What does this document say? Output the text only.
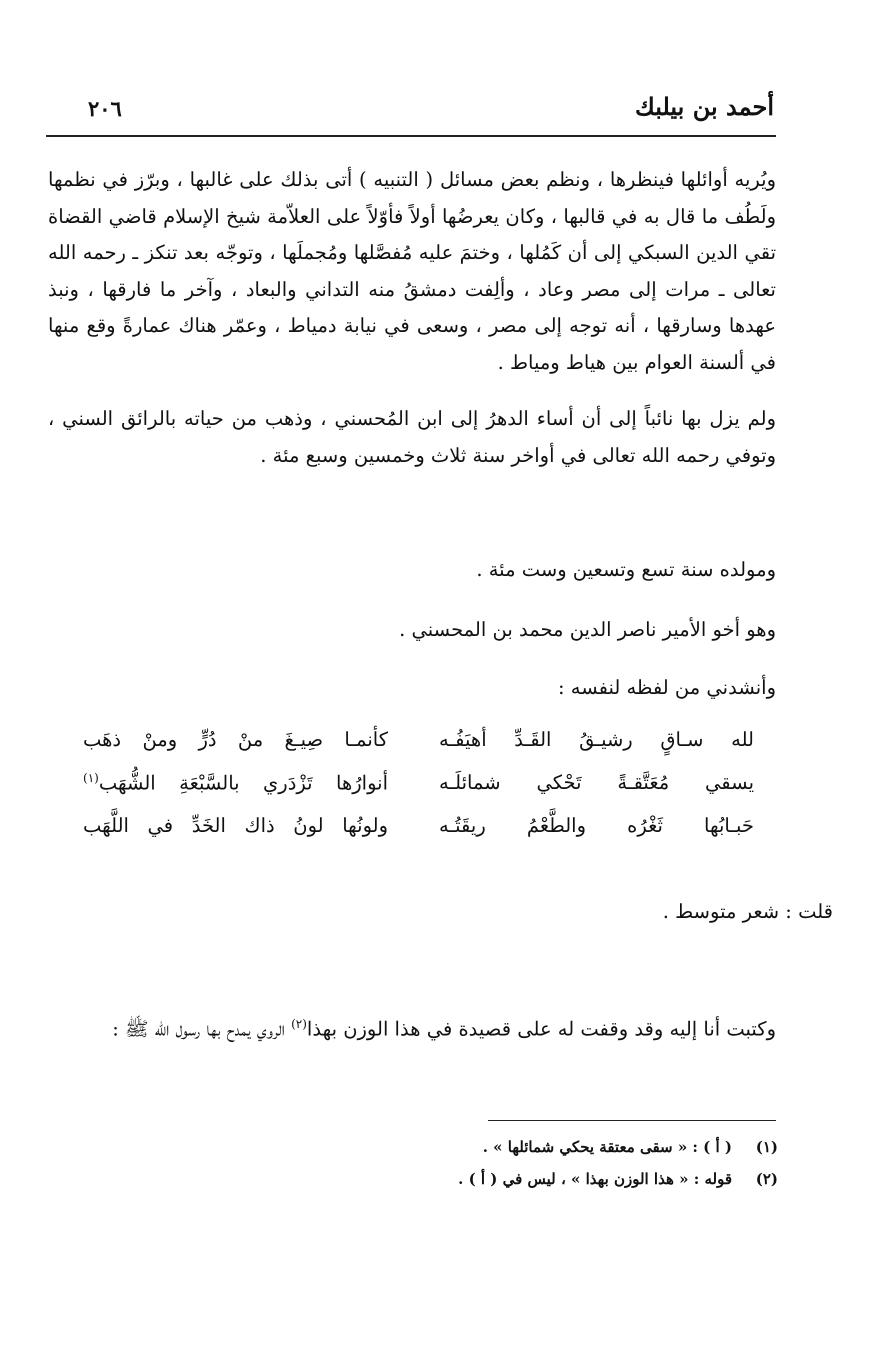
أحمد بن بيلبك
٢٠٦

ويُريه أوائلها فينظرها ، ونظم بعض مسائل ( التنبيه ) أتى بذلك على غالبها ، وبرّز في نظمها ولَطُف ما قال به في قالبها ، وكان يعرضُها أولاً فأوّلاً على العلاّمة شيخ الإسلام قاضي القضاة تقي الدين السبكي إلى أن كَمُلها ، وختمَ عليه مُفصَّلها ومُجملَها ، وتوجّه بعد تنكز ـ رحمه الله تعالى ـ مرات إلى مصر وعاد ، وألِفت دمشقُ منه التداني والبعاد ، وآخر ما فارقها ، ونبذ عهدها وسارقها ، أنه توجه إلى مصر ، وسعى في نيابة دمياط ، وعمّر هناك عمارةً وقع منها في ألسنة العوام بين هياط ومياط .

ولم يزل بها نائباً إلى أن أساء الدهرُ إلى ابن المُحسني ، وذهب من حياته بالرائق السني ، وتوفي رحمه الله تعالى في أواخر سنة ثلاث وخمسين وسبع مئة .

ومولده سنة تسع وتسعين وست مئة .

وهو أخو الأمير ناصر الدين محمد بن المحسني .

وأنشدني من لفظه لنفسه :

لله سـاقٍ رشيـقُ القَـدِّ أهيَفُـه
كأنمـا صِيـغَ منْ دُرٍّ ومنْ ذهَب
يسقي مُعَتَّقـةً تَحْكي شمائلَـه
أنوارُها تَزْدَري بالسَّبْعَةِ الشُّهَب$^{(١)}$
حَبـابُها ثَغْرُه والطَّعْمُ ريقَتُـه
ولونُها لونُ ذاك الخَدِّ في اللَّهَب

قلت : شعر متوسط .

وكتبت أنا إليه وقد وقفت له على قصيدة في هذا الوزن بهذا$^{(٢)}$ الروي يمدح بها رسول الله ﷺ :

(١)
( أ ) : « سقى معتقة يحكي شمائلها » .
(٢)
قوله : « هذا الوزن بهذا » ، ليس في ( أ ) .
